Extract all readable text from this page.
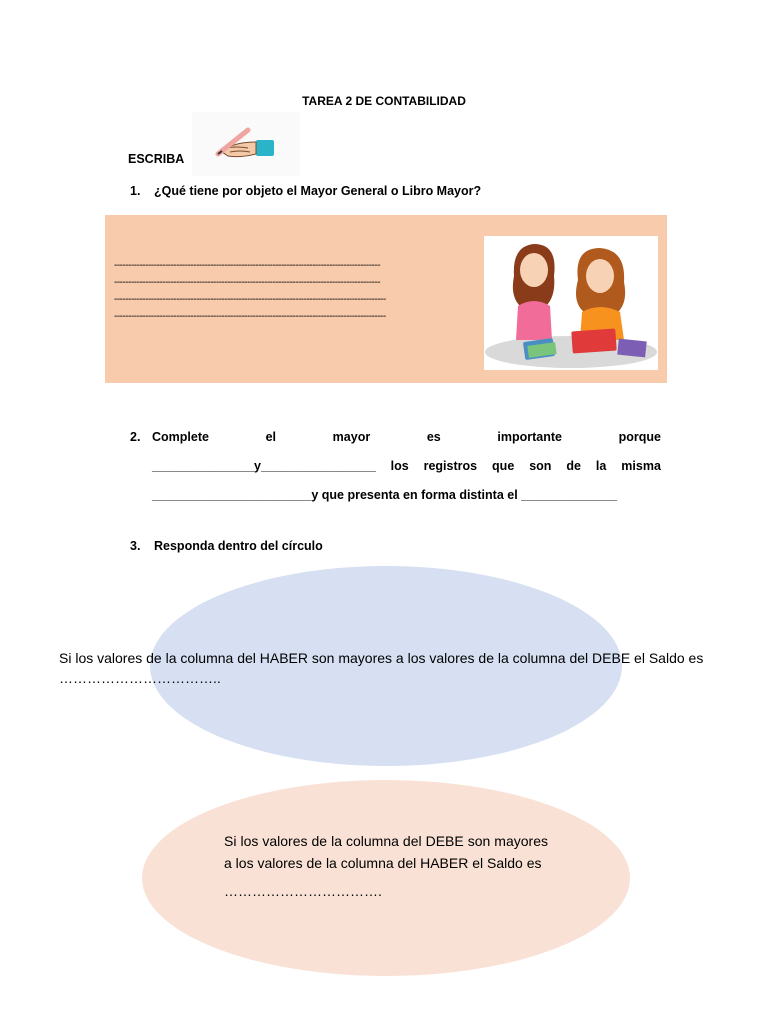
TAREA 2 DE CONTABILIDAD
ESCRIBA
1. ¿Qué tiene por objeto el Mayor General o Libro Mayor?
----------------------------------------------------------------------------------------------
----------------------------------------------------------------------------------------------
------------------------------------------------------------------------------------------------
------------------------------------------------------------------------------------------------
2. Complete	el	mayor	es	importante	porque
________________y__________________ los registros que son de la misma
_________________________y que presenta en forma distinta el _______________
3. Responda dentro del círculo
Si los valores de la columna del HABER son mayores a los valores de la columna del DEBE el Saldo es
……………………………..
Si los valores de la columna del DEBE son mayores a los valores de la columna del HABER el Saldo es
…………………………….
